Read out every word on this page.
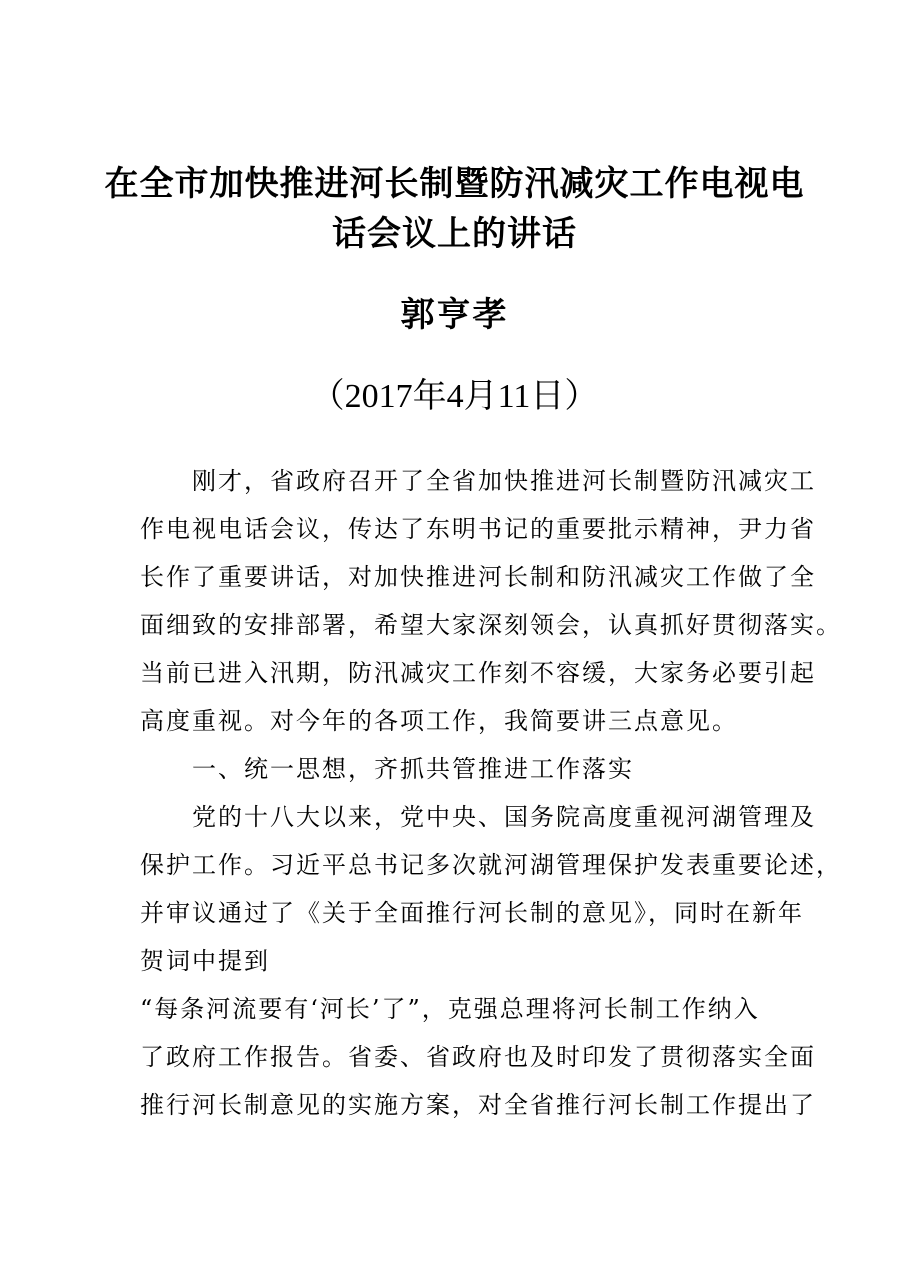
在全市加快推进河长制暨防汛减灾工作电视电
话会议上的讲话
郭亨孝
（2017年4月11日）
　　刚才，省政府召开了全省加快推进河长制暨防汛减灾工
作电视电话会议，传达了东明书记的重要批示精神，尹力省
长作了重要讲话，对加快推进河长制和防汛减灾工作做了全
面细致的安排部署，希望大家深刻领会，认真抓好贯彻落实。
当前已进入汛期，防汛减灾工作刻不容缓，大家务必要引起
高度重视。对今年的各项工作，我简要讲三点意见。
　　一、统一思想，齐抓共管推进工作落实
　　党的十八大以来，党中央、国务院高度重视河湖管理及
保护工作。习近平总书记多次就河湖管理保护发表重要论述，
并审议通过了《关于全面推行河长制的意见》，同时在新年
贺词中提到
“每条河流要有‘河长’了”，克强总理将河长制工作纳入
了政府工作报告。省委、省政府也及时印发了贯彻落实全面
推行河长制意见的实施方案，对全省推行河长制工作提出了
